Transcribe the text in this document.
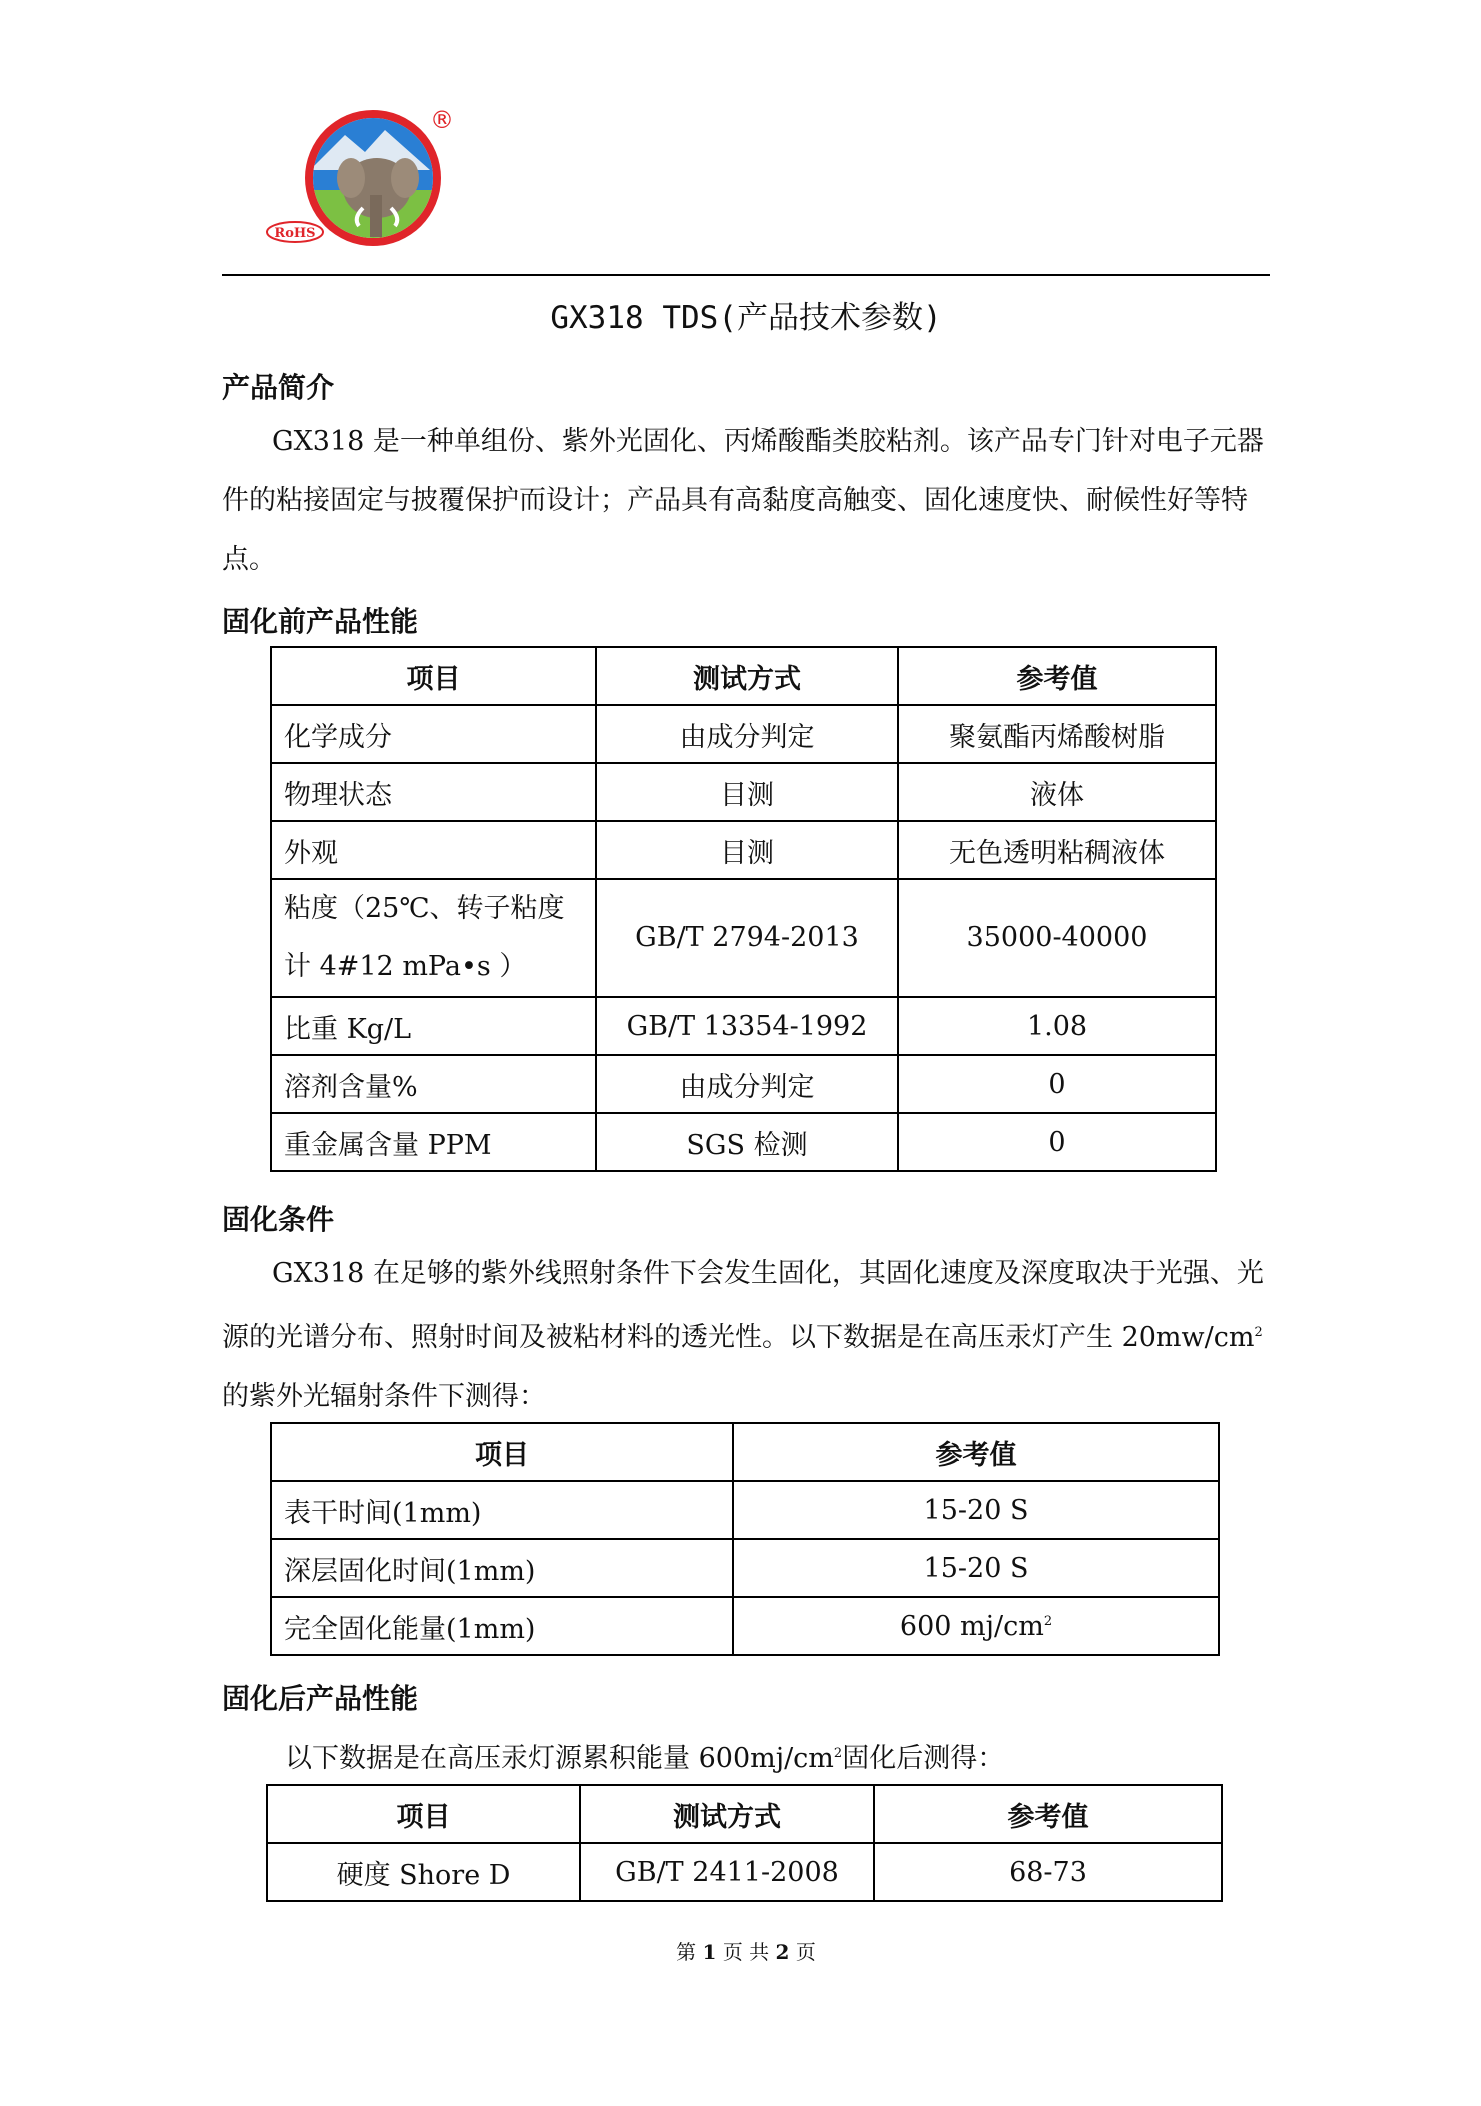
®
RoHS
GX318 TDS(产品技术参数)
产品简介
GX318 是一种单组份、紫外光固化、丙烯酸酯类胶粘剂。该产品专门针对电子元器件的粘接固定与披覆保护而设计；产品具有高黏度高触变、固化速度快、耐候性好等特点。
固化前产品性能
项目	测试方式	参考值
化学成分	由成分判定	聚氨酯丙烯酸树脂
物理状态	目测	液体
外观	目测	无色透明粘稠液体
粘度（25℃、转子粘度计 4#12 mPa•s ）	GB/T 2794-2013	35000-40000
比重 Kg/L	GB/T 13354-1992	1.08
溶剂含量%	由成分判定	0
重金属含量 PPM	SGS 检测	0
固化条件
GX318 在足够的紫外线照射条件下会发生固化，其固化速度及深度取决于光强、光源的光谱分布、照射时间及被粘材料的透光性。以下数据是在高压汞灯产生 $20mw/cm^2$的紫外光辐射条件下测得：
项目	参考值
表干时间(1mm)	15-20 S
深层固化时间(1mm)	15-20 S
完全固化能量(1mm)	600 $mj/cm^2$
固化后产品性能
以下数据是在高压汞灯源累积能量 $600mj/cm^2$固化后测得：
项目	测试方式	参考值
硬度 Shore D	GB/T 2411-2008	68-73
第 1 页 共 2 页
